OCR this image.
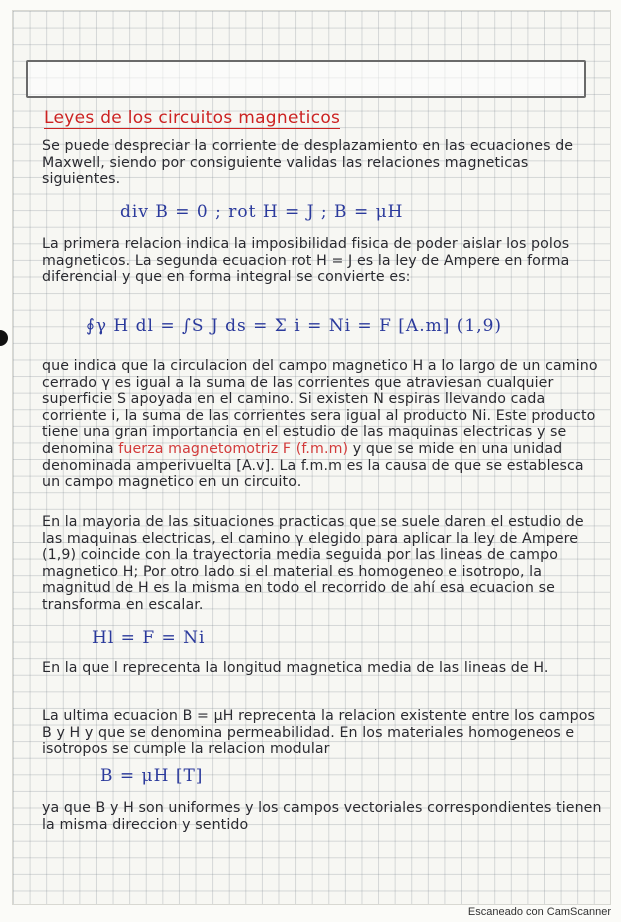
Leyes de los circuitos magneticos

Se puede despreciar la corriente de desplazamiento en las ecuaciones de Maxwell, siendo por consiguiente validas las relaciones magneticas siguientes.

div B = 0 ; rot H = J ; B = μH

La primera relacion indica la imposibilidad fisica de poder aislar los polos magneticos. La segunda ecuacion rot H = J es la ley de Ampere en forma diferencial y que en forma integral se convierte es:

∮γ H dl = ∫S J ds = Σ i = Ni = F [A.m] (1,9)

que indica que la circulacion del campo magnetico H a lo largo de un camino cerrado γ es igual a la suma de las corrientes que atraviesan cualquier superficie S apoyada en el camino. Si existen N espiras llevando cada corriente i, la suma de las corrientes sera igual al producto Ni. Este producto tiene una gran importancia en el estudio de las maquinas electricas y se denomina fuerza magnetomotriz F (f.m.m) y que se mide en una unidad denominada amperivuelta [A.v]. La f.m.m es la causa de que se establesca un campo magnetico en un circuito.

En la mayoria de las situaciones practicas que se suele daren el estudio de las maquinas electricas, el camino γ elegido para aplicar la ley de Ampere (1,9) coincide con la trayectoria media seguida por las lineas de campo magnetico H; Por otro lado si el material es homogeneo e isotropo, la magnitud de H es la misma en todo el recorrido de ahí esa ecuacion se transforma en escalar.

Hl = F = Ni

En la que l reprecenta la longitud magnetica media de las lineas de H.

La ultima ecuacion B = μH reprecenta la relacion existente entre los campos B y H y que se denomina permeabilidad. En los materiales homogeneos e isotropos se cumple la relacion modular

B = μH [T]

ya que B y H son uniformes y los campos vectoriales correspondientes tienen la misma direccion y sentido

Escaneado con CamScanner
